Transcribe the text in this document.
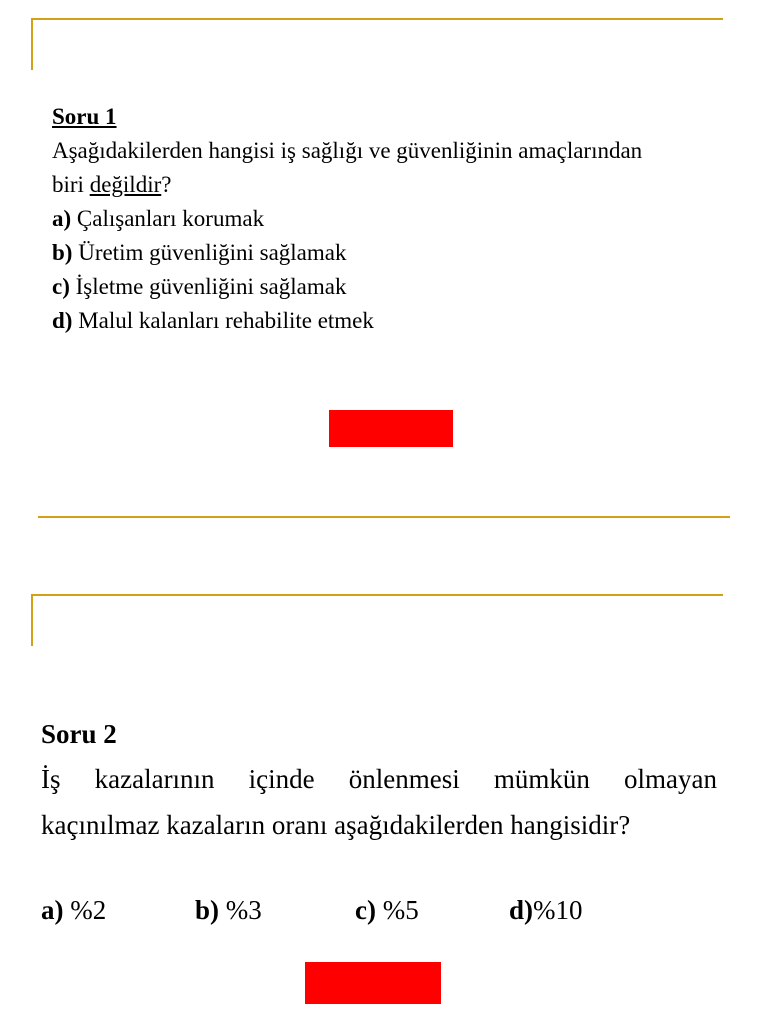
Soru 1
Aşağıdakilerden hangisi iş sağlığı ve güvenliğinin amaçlarından
biri değildir?
a) Çalışanları korumak
b) Üretim güvenliğini sağlamak
c) İşletme güvenliğini sağlamak
d) Malul kalanları rehabilite etmek
Soru 2
İş kazalarının içinde önlenmesi mümkün olmayan
kaçınılmaz kazaların oranı aşağıdakilerden hangisidir?
a) %2	b) %3	c) %5	d)%10
